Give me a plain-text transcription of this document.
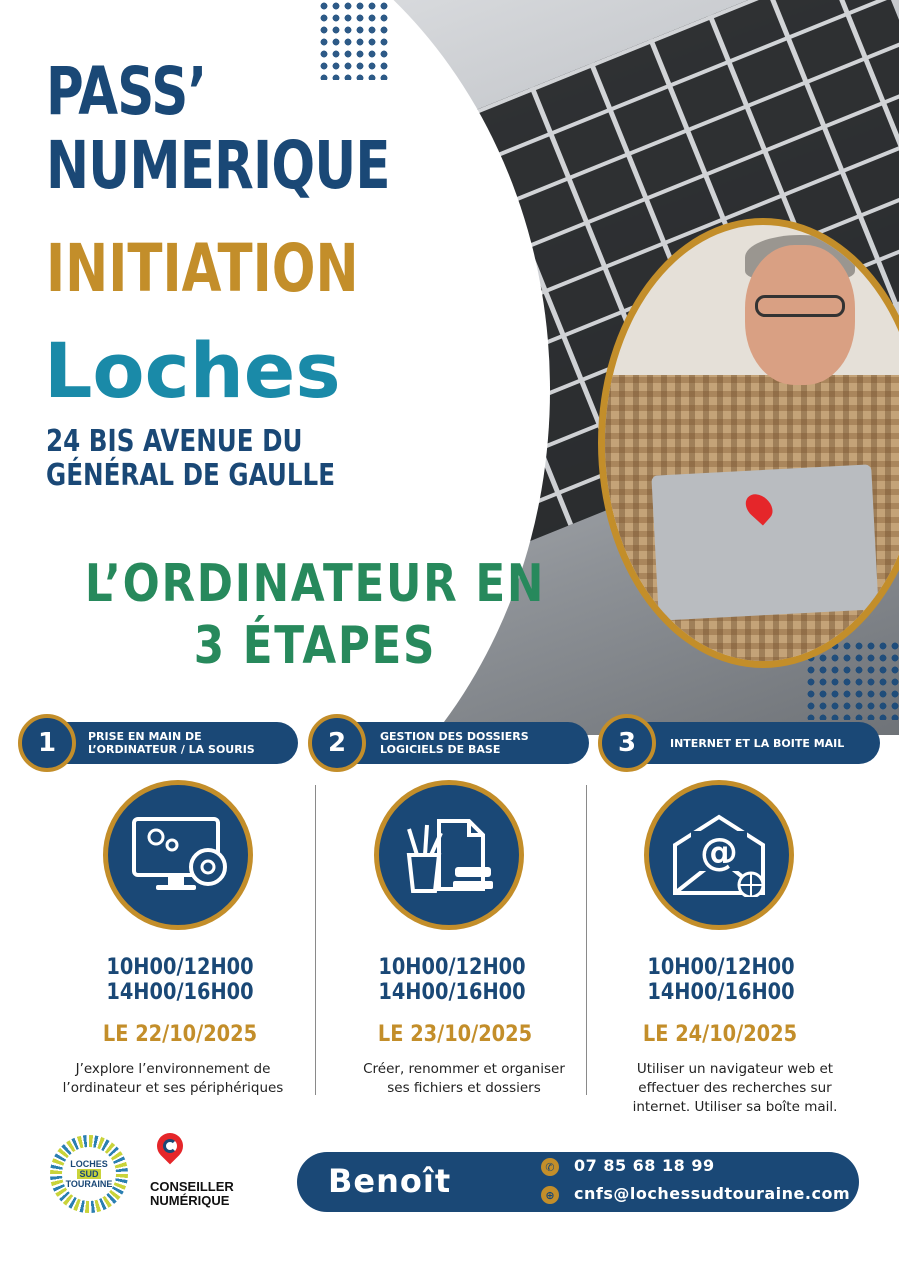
PASS’
NUMERIQUE
INITIATION
Loches
24 BIS AVENUE DU
GÉNÉRAL DE GAULLE
L’ORDINATEUR EN
3 ÉTAPES
1	PRISE EN MAIN DE
L’ORDINATEUR / LA SOURIS
10H00/12H00
14H00/16H00
LE 22/10/2025
J’explore l’environnement de
l’ordinateur et ses périphériques
2	GESTION DES DOSSIERS
LOGICIELS DE BASE
10H00/12H00
14H00/16H00
LE 23/10/2025
Créer, renommer et organiser
ses fichiers et dossiers
3	INTERNET ET LA BOITE MAIL
@
10H00/12H00
14H00/16H00
LE 24/10/2025
Utiliser un navigateur web et
effectuer des recherches sur
internet. Utiliser sa boîte mail.
LOCHES
SUD
TOURAINE	CONSEILLER
NUMÉRIQUE
Benoît	✆ 07 85 68 18 99
⊕ cnfs@lochessudtouraine.com
